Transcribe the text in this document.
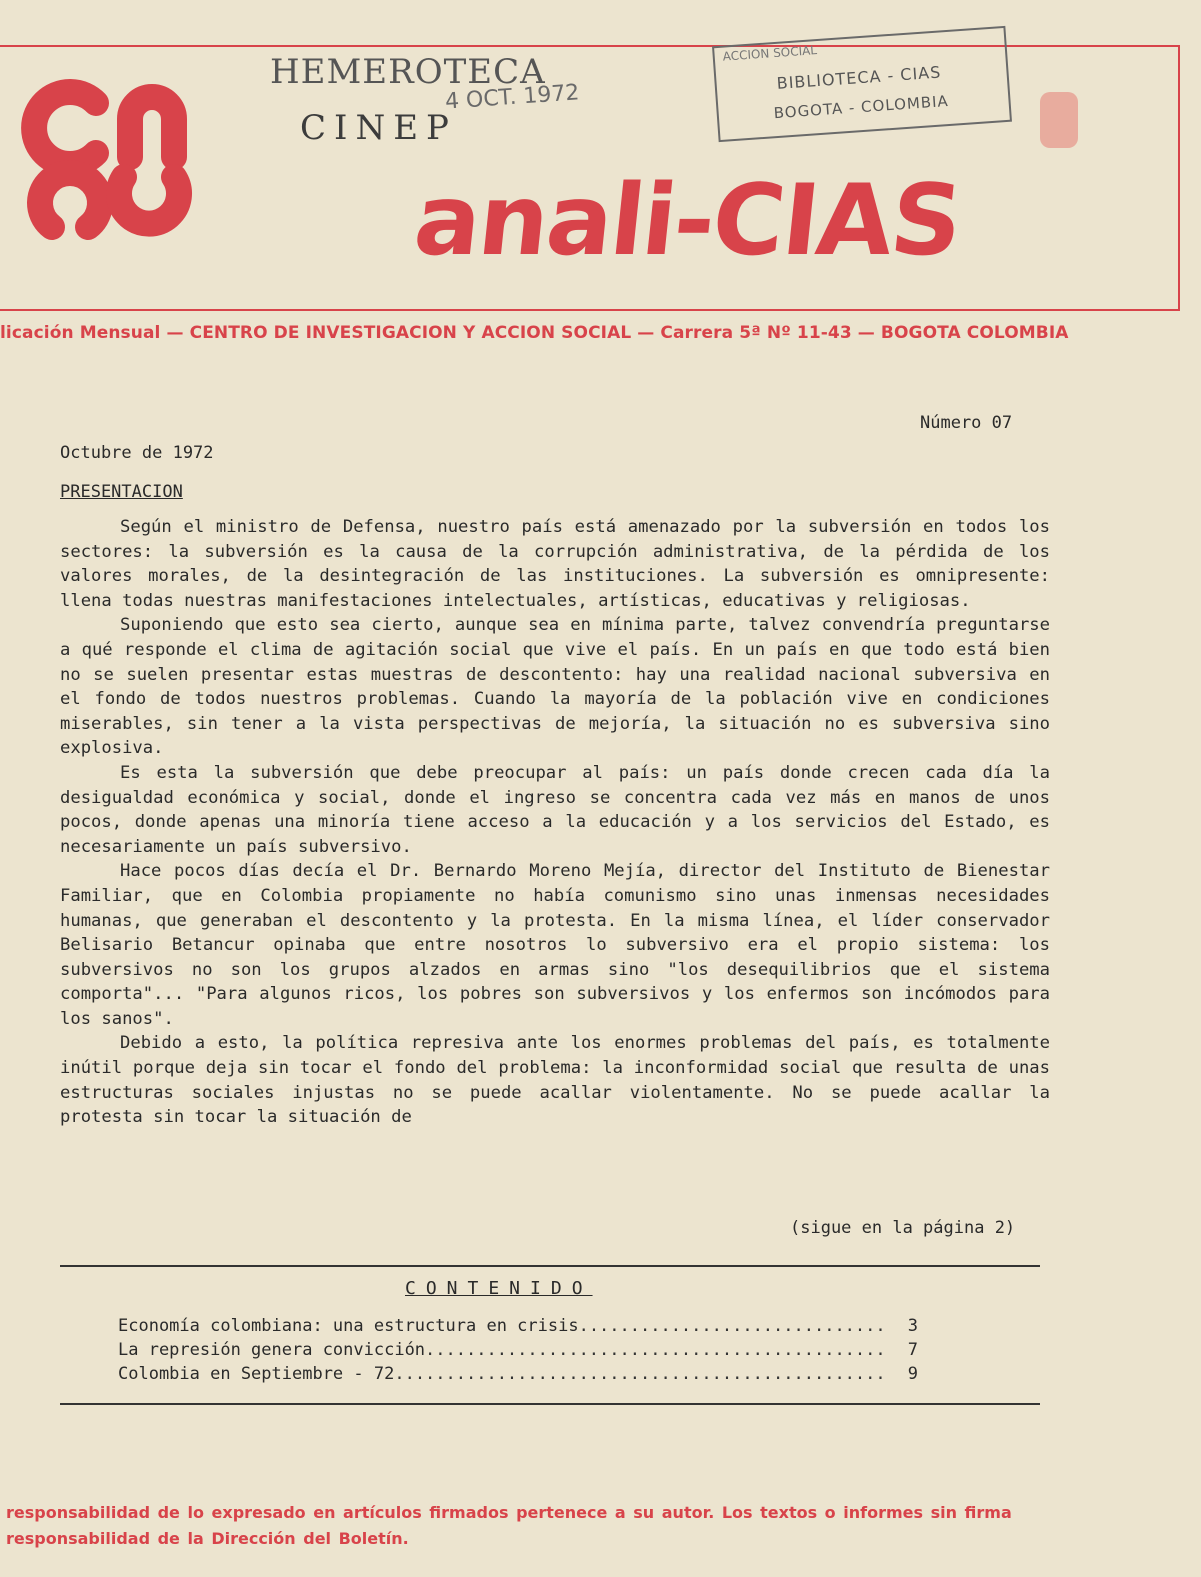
anali-CIAS
HEMEROTECA
4 OCT. 1972
CINEP
ACCION SOCIAL
BIBLIOTECA - CIAS
BOGOTA - COLOMBIA
licación Mensual — CENTRO DE INVESTIGACION Y ACCION SOCIAL — Carrera 5ª Nº 11-43 — BOGOTA COLOMBIA
Número 07
Octubre de 1972
PRESENTACION

Según el ministro de Defensa, nuestro país está amenazado por la subversión en todos los sectores: la subversión es la causa de la corrupción administrativa, de la pérdida de los valores morales, de la desintegración de las instituciones. La subversión es omnipresente: llena todas nuestras manifestaciones intelectuales, artísticas, educativas y religiosas.

Suponiendo que esto sea cierto, aunque sea en mínima parte, talvez convendría preguntarse a qué responde el clima de agitación social que vive el país. En un país en que todo está bien no se suelen presentar estas muestras de descontento: hay una realidad nacional subversiva en el fondo de todos nuestros problemas. Cuando la mayoría de la población vive en condiciones miserables, sin tener a la vista perspectivas de mejoría, la situación no es subversiva sino explosiva.

Es esta la subversión que debe preocupar al país: un país donde crecen cada día la desigualdad económica y social, donde el ingreso se concentra cada vez más en manos de unos pocos, donde apenas una minoría tiene acceso a la educación y a los servicios del Estado, es necesariamente un país subversivo.

Hace pocos días decía el Dr. Bernardo Moreno Mejía, director del Instituto de Bienestar Familiar, que en Colombia propiamente no había comunismo sino unas inmensas necesidades humanas, que generaban el descontento y la protesta. En la misma línea, el líder conservador Belisario Betancur opinaba que entre nosotros lo subversivo era el propio sistema: los subversivos no son los grupos alzados en armas sino "los desequilibrios que el sistema comporta"... "Para algunos ricos, los pobres son subversivos y los enfermos son incómodos para los sanos".

Debido a esto, la política represiva ante los enormes problemas del país, es totalmente inútil porque deja sin tocar el fondo del problema: la inconformidad social que resulta de unas estructuras sociales injustas no se puede acallar violentamente. No se puede acallar la protesta sin tocar la situación de

(sigue en la página 2)
CONTENIDO
Economía colombiana: una estructura en crisis .....	3
La represión genera convicción .....	7
Colombia en Septiembre - 72 .....	9
responsabilidad de lo expresado en artículos firmados pertenece a su autor. Los textos o informes sin firma
responsabilidad de la Dirección del Boletín.
